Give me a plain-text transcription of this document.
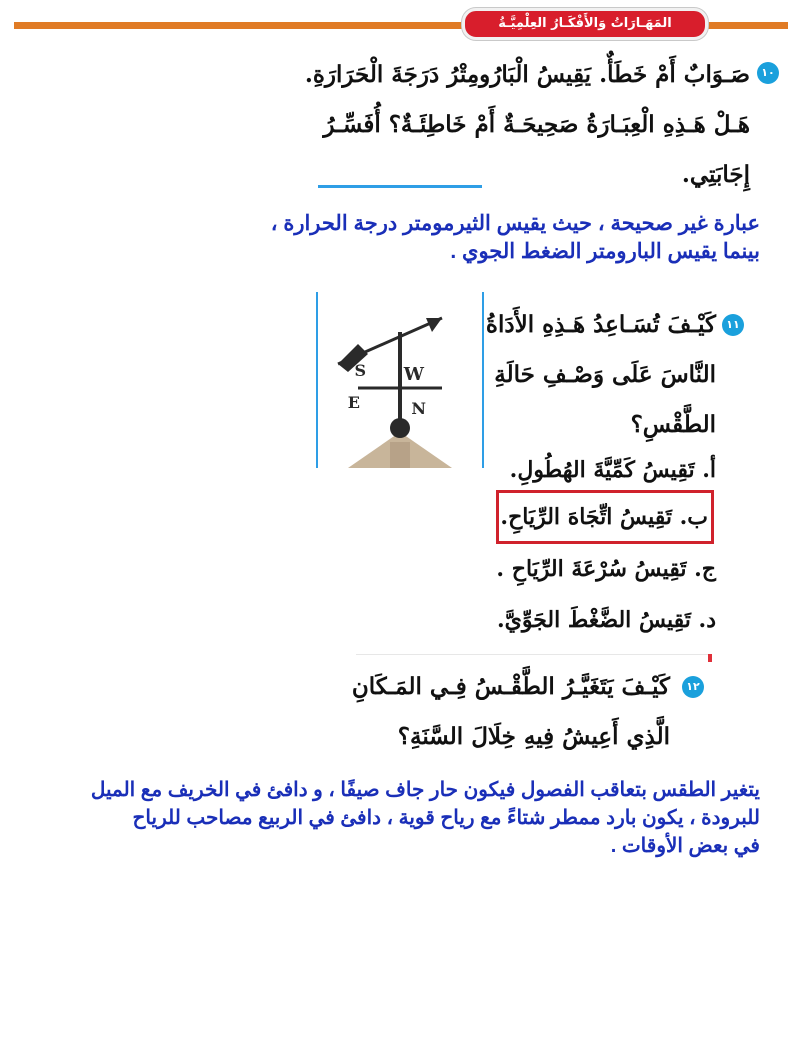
المَهَـارَاتُ وَالأَفْكَـارُ العِلْمِيَّـةُ
١٠
صَـوَابٌ أَمْ خَطَأٌ. يَقِيسُ الْبَارُومِتْرُ دَرَجَةَ الْحَرَارَةِ.
هَـلْ هَـذِهِ الْعِبَـارَةُ صَحِيحَـةٌ أَمْ خَاطِئَـةٌ؟ أُفَسِّـرُ
إِجَابَتِي.
عبارة غير صحيحة ، حيث يقيس الثيرمومتر درجة الحرارة ،
بينما يقيس البارومتر الضغط الجوي .
W
N
E
S
١١
كَيْـفَ تُسَـاعِدُ هَـذِهِ الأَدَاةُ
النَّاسَ عَلَى وَصْـفِ حَالَةِ
الطَّقْسِ؟
أ. تَقِيسُ كَمِّيَّةَ الهُطُولِ.
ب. تَقِيسُ اتِّجَاهَ الرِّيَاحِ.
ج. تَقِيسُ سُرْعَةَ الرِّيَاحِ .
د. تَقِيسُ الضَّغْطَ الجَوِّيَّ.
١٢
كَيْـفَ يَتَغَيَّـرُ الطَّقْـسُ فِـي المَـكَانِ
الَّذِي أَعِيشُ فِيهِ خِلَالَ السَّنَةِ؟
يتغير الطقس بتعاقب الفصول فيكون حار جاف صيفًا ، و دافئ في الخريف مع الميل
للبرودة ، يكون بارد ممطر شتاءً مع رياح قوية ، دافئ في الربيع مصاحب للرياح
في بعض الأوقات .
